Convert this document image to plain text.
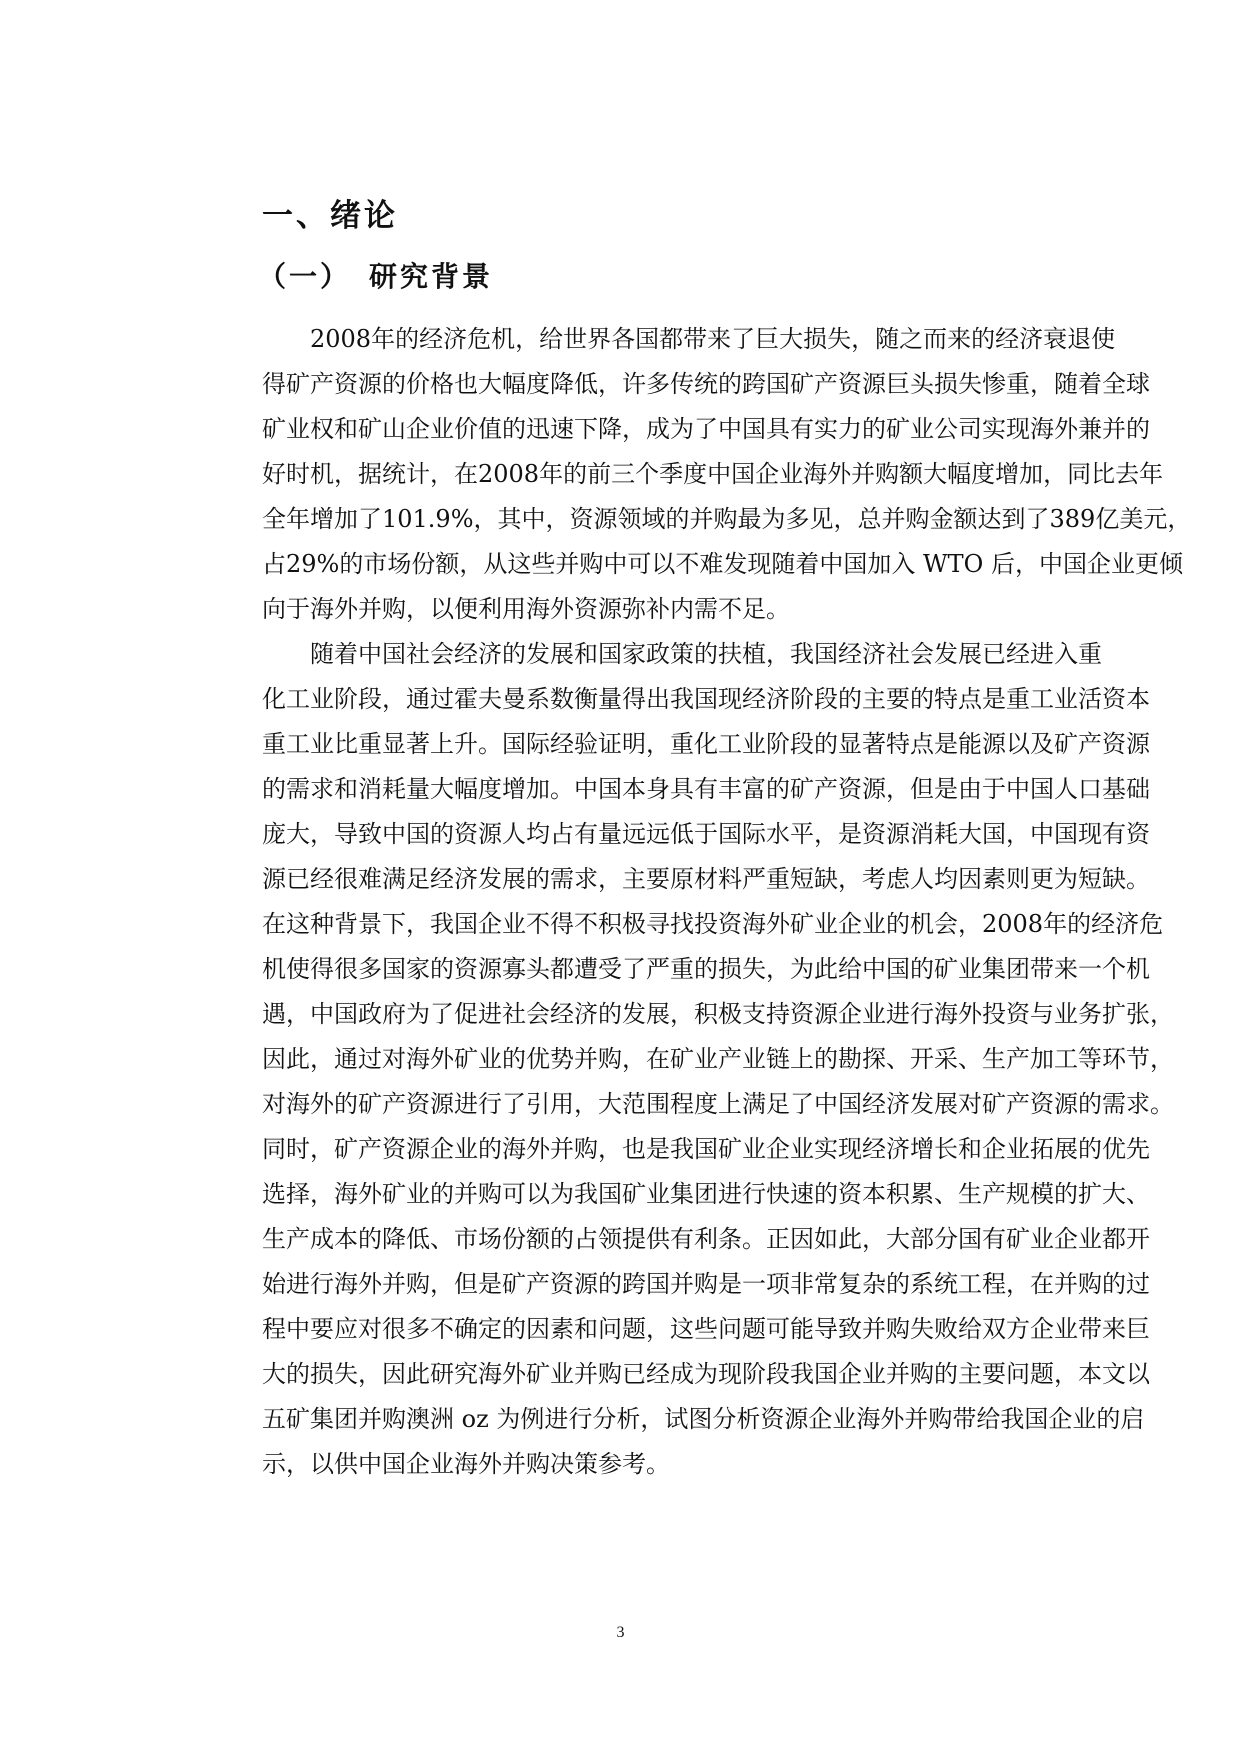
一、绪论
（一） 研究背景
　　2008年的经济危机，给世界各国都带来了巨大损失，随之而来的经济衰退使
得矿产资源的价格也大幅度降低，许多传统的跨国矿产资源巨头损失惨重，随着全球
矿业权和矿山企业价值的迅速下降，成为了中国具有实力的矿业公司实现海外兼并的
好时机，据统计，在2008年的前三个季度中国企业海外并购额大幅度增加，同比去年
全年增加了101.9%，其中，资源领域的并购最为多见，总并购金额达到了389亿美元，
占29%的市场份额，从这些并购中可以不难发现随着中国加入 WTO 后，中国企业更倾
向于海外并购，以便利用海外资源弥补内需不足。
　　随着中国社会经济的发展和国家政策的扶植，我国经济社会发展已经进入重
化工业阶段，通过霍夫曼系数衡量得出我国现经济阶段的主要的特点是重工业活资本
重工业比重显著上升。国际经验证明，重化工业阶段的显著特点是能源以及矿产资源
的需求和消耗量大幅度增加。中国本身具有丰富的矿产资源，但是由于中国人口基础
庞大，导致中国的资源人均占有量远远低于国际水平，是资源消耗大国，中国现有资
源已经很难满足经济发展的需求，主要原材料严重短缺，考虑人均因素则更为短缺。
在这种背景下，我国企业不得不积极寻找投资海外矿业企业的机会，2008年的经济危
机使得很多国家的资源寡头都遭受了严重的损失，为此给中国的矿业集团带来一个机
遇，中国政府为了促进社会经济的发展，积极支持资源企业进行海外投资与业务扩张，
因此，通过对海外矿业的优势并购，在矿业产业链上的勘探、开采、生产加工等环节，
对海外的矿产资源进行了引用，大范围程度上满足了中国经济发展对矿产资源的需求。
同时，矿产资源企业的海外并购，也是我国矿业企业实现经济增长和企业拓展的优先
选择，海外矿业的并购可以为我国矿业集团进行快速的资本积累、生产规模的扩大、
生产成本的降低、市场份额的占领提供有利条。正因如此，大部分国有矿业企业都开
始进行海外并购，但是矿产资源的跨国并购是一项非常复杂的系统工程，在并购的过
程中要应对很多不确定的因素和问题，这些问题可能导致并购失败给双方企业带来巨
大的损失，因此研究海外矿业并购已经成为现阶段我国企业并购的主要问题，本文以
五矿集团并购澳洲 oz 为例进行分析，试图分析资源企业海外并购带给我国企业的启
示，以供中国企业海外并购决策参考。
3
